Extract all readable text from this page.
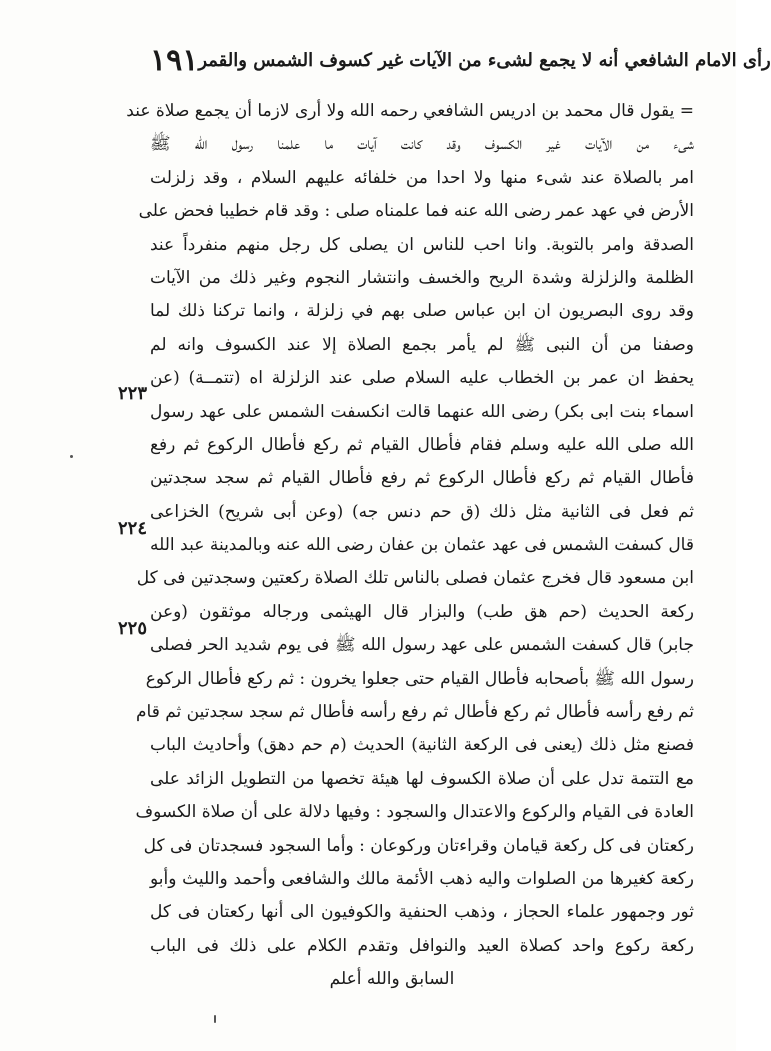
١٩١ رأى الامام الشافعي أنه لا يجمع لشىء من الآيات غير كسوف الشمس والقمر
٢٢٣
٢٢٤
٢٢٥
= يقول قال محمد بن ادريس الشافعي رحمه الله ولا أرى لازما أن يجمع صلاة عند
شىء من الآيات غير الكسوف وقد كانت آيات ما علمنا رسول الله ﷺ
امر بالصلاة عند شىء منها ولا احدا من خلفائه عليهم السلام ، وقد زلزلت
الأرض في عهد عمر رضى الله عنه فما علمناه صلى : وقد قام خطيبا فحض على
الصدقة وامر بالتوبة. وانا احب للناس ان يصلى كل رجل منهم منفرداً عند
الظلمة والزلزلة وشدة الريح والخسف وانتشار النجوم وغير ذلك من الآيات
وقد روى البصريون ان ابن عباس صلى بهم في زلزلة ، وانما تركنا ذلك لما
وصفنا من أن النبى ﷺ لم يأمر بجمع الصلاة إلا عند الكسوف وانه لم
يحفظ ان عمر بن الخطاب عليه السلام صلى عند الزلزلة اه (تتمــة) (عن
اسماء بنت ابى بكر) رضى الله عنهما قالت انكسفت الشمس على عهد رسول
الله صلى الله عليه وسلم فقام فأطال القيام ثم ركع فأطال الركوع ثم رفع
فأطال القيام ثم ركع فأطال الركوع ثم رفع فأطال القيام ثم سجد سجدتين
ثم فعل فى الثانية مثل ذلك (ق حم دنس جه) (وعن أبى شريح) الخزاعى
قال كسفت الشمس فى عهد عثمان بن عفان رضى الله عنه وبالمدينة عبد الله
ابن مسعود قال فخرج عثمان فصلى بالناس تلك الصلاة ركعتين وسجدتين فى كل
ركعة الحديث (حم هق طب) والبزار قال الهيثمى ورجاله موثقون (وعن
جابر) قال كسفت الشمس على عهد رسول الله ﷺ فى يوم شديد الحر فصلى
رسول الله ﷺ بأصحابه فأطال القيام حتى جعلوا يخرون : ثم ركع فأطال الركوع
ثم رفع رأسه فأطال ثم ركع فأطال ثم رفع رأسه فأطال ثم سجد سجدتين ثم قام
فصنع مثل ذلك (يعنى فى الركعة الثانية) الحديث (م حم دهق) وأحاديث الباب
مع التتمة تدل على أن صلاة الكسوف لها هيئة تخصها من التطويل الزائد على
العادة فى القيام والركوع والاعتدال والسجود : وفيها دلالة على أن صلاة الكسوف
ركعتان فى كل ركعة قيامان وقراءتان وركوعان : وأما السجود فسجدتان فى كل
ركعة كغيرها من الصلوات واليه ذهب الأئمة مالك والشافعى وأحمد والليث وأبو
ثور وجمهور علماء الحجاز ، وذهب الحنفية والكوفيون الى أنها ركعتان فى كل
ركعة ركوع واحد كصلاة العيد والنوافل وتقدم الكلام على ذلك فى الباب
السابق والله أعلم
